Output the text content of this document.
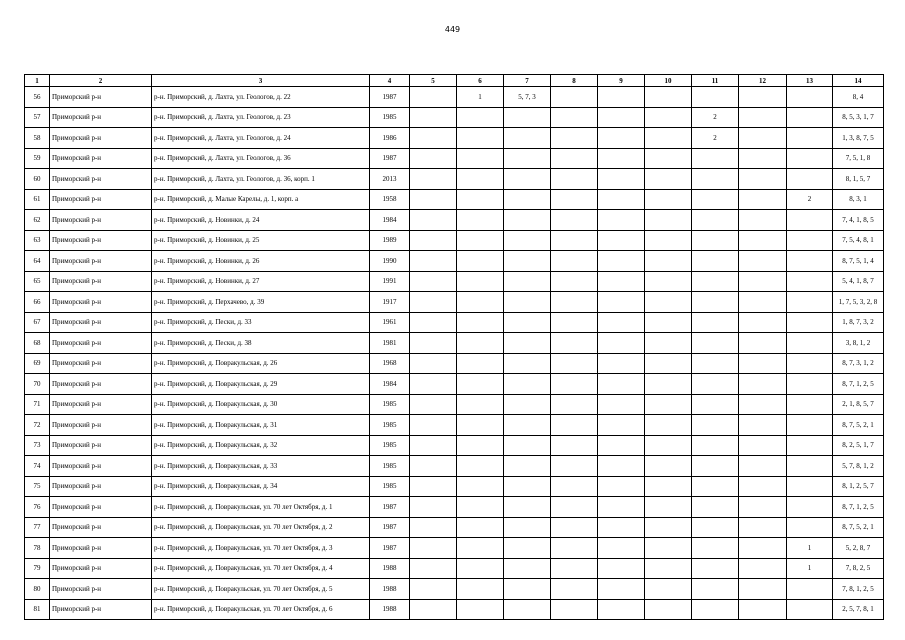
449
1	2	3	4	5	6	7	8	9	10	11	12	13	14
56	Приморский р-н	р-н. Приморский, д. Лахта, ул. Геологов, д. 22	1987		1	5, 7, 3							8, 4
57	Приморский р-н	р-н. Приморский, д. Лахта, ул. Геологов, д. 23	1985							2			8, 5, 3, 1, 7
58	Приморский р-н	р-н. Приморский, д. Лахта, ул. Геологов, д. 24	1986							2			1, 3, 8, 7, 5
59	Приморский р-н	р-н. Приморский, д. Лахта, ул. Геологов, д. 36	1987										7, 5, 1, 8
60	Приморский р-н	р-н. Приморский, д. Лахта, ул. Геологов, д. 36, корп. 1	2013										8, 1, 5, 7
61	Приморский р-н	р-н. Приморский, д. Малые Карелы, д. 1, корп. а	1958									2	8, 3, 1
62	Приморский р-н	р-н. Приморский, д. Новинки, д. 24	1984										7, 4, 1, 8, 5
63	Приморский р-н	р-н. Приморский, д. Новинки, д. 25	1989										7, 5, 4, 8, 1
64	Приморский р-н	р-н. Приморский, д. Новинки, д. 26	1990										8, 7, 5, 1, 4
65	Приморский р-н	р-н. Приморский, д. Новинки, д. 27	1991										5, 4, 1, 8, 7
66	Приморский р-н	р-н. Приморский, д. Перхачево, д. 39	1917										1, 7, 5, 3, 2, 8
67	Приморский р-н	р-н. Приморский, д. Пески, д. 33	1961										1, 8, 7, 3, 2
68	Приморский р-н	р-н. Приморский, д. Пески, д. 38	1981										3, 8, 1, 2
69	Приморский р-н	р-н. Приморский, д. Повракульская, д. 26	1968										8, 7, 3, 1, 2
70	Приморский р-н	р-н. Приморский, д. Повракульская, д. 29	1984										8, 7, 1, 2, 5
71	Приморский р-н	р-н. Приморский, д. Повракульская, д. 30	1985										2, 1, 8, 5, 7
72	Приморский р-н	р-н. Приморский, д. Повракульская, д. 31	1985										8, 7, 5, 2, 1
73	Приморский р-н	р-н. Приморский, д. Повракульская, д. 32	1985										8, 2, 5, 1, 7
74	Приморский р-н	р-н. Приморский, д. Повракульская, д. 33	1985										5, 7, 8, 1, 2
75	Приморский р-н	р-н. Приморский, д. Повракульская, д. 34	1985										8, 1, 2, 5, 7
76	Приморский р-н	р-н. Приморский, д. Повракульская, ул. 70 лет Октября, д. 1	1987										8, 7, 1, 2, 5
77	Приморский р-н	р-н. Приморский, д. Повракульская, ул. 70 лет Октября, д. 2	1987										8, 7, 5, 2, 1
78	Приморский р-н	р-н. Приморский, д. Повракульская, ул. 70 лет Октября, д. 3	1987									1	5, 2, 8, 7
79	Приморский р-н	р-н. Приморский, д. Повракульская, ул. 70 лет Октября, д. 4	1988									1	7, 8, 2, 5
80	Приморский р-н	р-н. Приморский, д. Повракульская, ул. 70 лет Октября, д. 5	1988										7, 8, 1, 2, 5
81	Приморский р-н	р-н. Приморский, д. Повракульская, ул. 70 лет Октября, д. 6	1988										2, 5, 7, 8, 1
